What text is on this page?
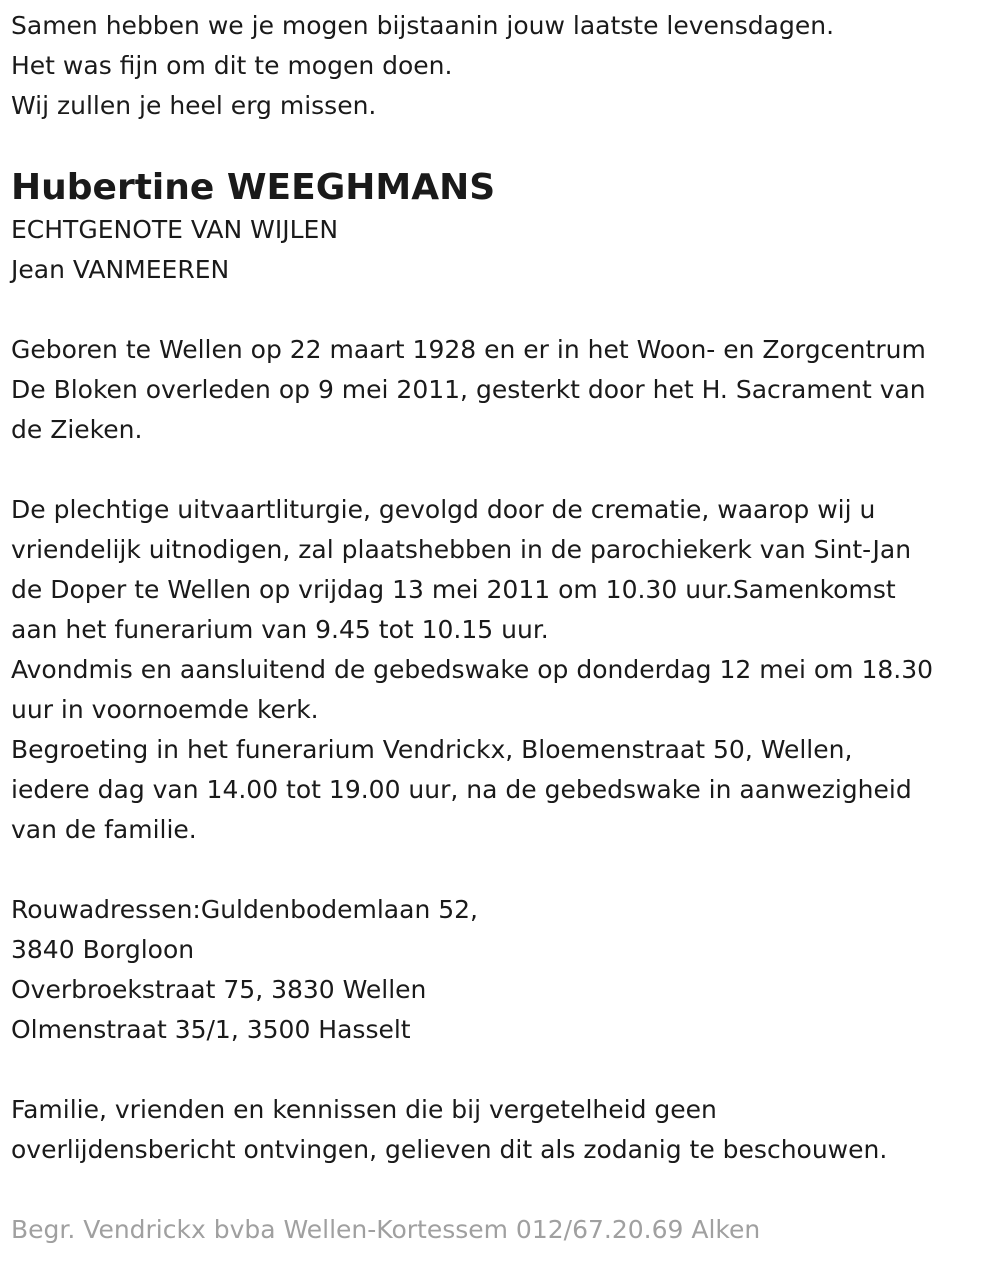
Samen hebben we je mogen bijstaanin jouw laatste levensdagen.
Het was fijn om dit te mogen doen.
Wij zullen je heel erg missen.
Hubertine WEEGHMANS
ECHTGENOTE VAN WIJLEN
Jean VANMEEREN
Geboren te Wellen op 22 maart 1928 en er in het Woon- en Zorgcentrum
De Bloken overleden op 9 mei 2011, gesterkt door het H. Sacrament van
de Zieken.
De plechtige uitvaartliturgie, gevolgd door de crematie, waarop wij u
vriendelijk uitnodigen, zal plaatshebben in de parochiekerk van Sint-Jan
de Doper te Wellen op vrijdag 13 mei 2011 om 10.30 uur.Samenkomst
aan het funerarium van 9.45 tot 10.15 uur.
Avondmis en aansluitend de gebedswake op donderdag 12 mei om 18.30
uur in voornoemde kerk.
Begroeting in het funerarium Vendrickx, Bloemenstraat 50, Wellen,
iedere dag van 14.00 tot 19.00 uur, na de gebedswake in aanwezigheid
van de familie.
Rouwadressen:Guldenbodemlaan 52,
3840 Borgloon
Overbroekstraat 75, 3830 Wellen
Olmenstraat 35/1, 3500 Hasselt
Familie, vrienden en kennissen die bij vergetelheid geen
overlijdensbericht ontvingen, gelieven dit als zodanig te beschouwen.
Begr. Vendrickx bvba Wellen-Kortessem 012/67.20.69 Alken
